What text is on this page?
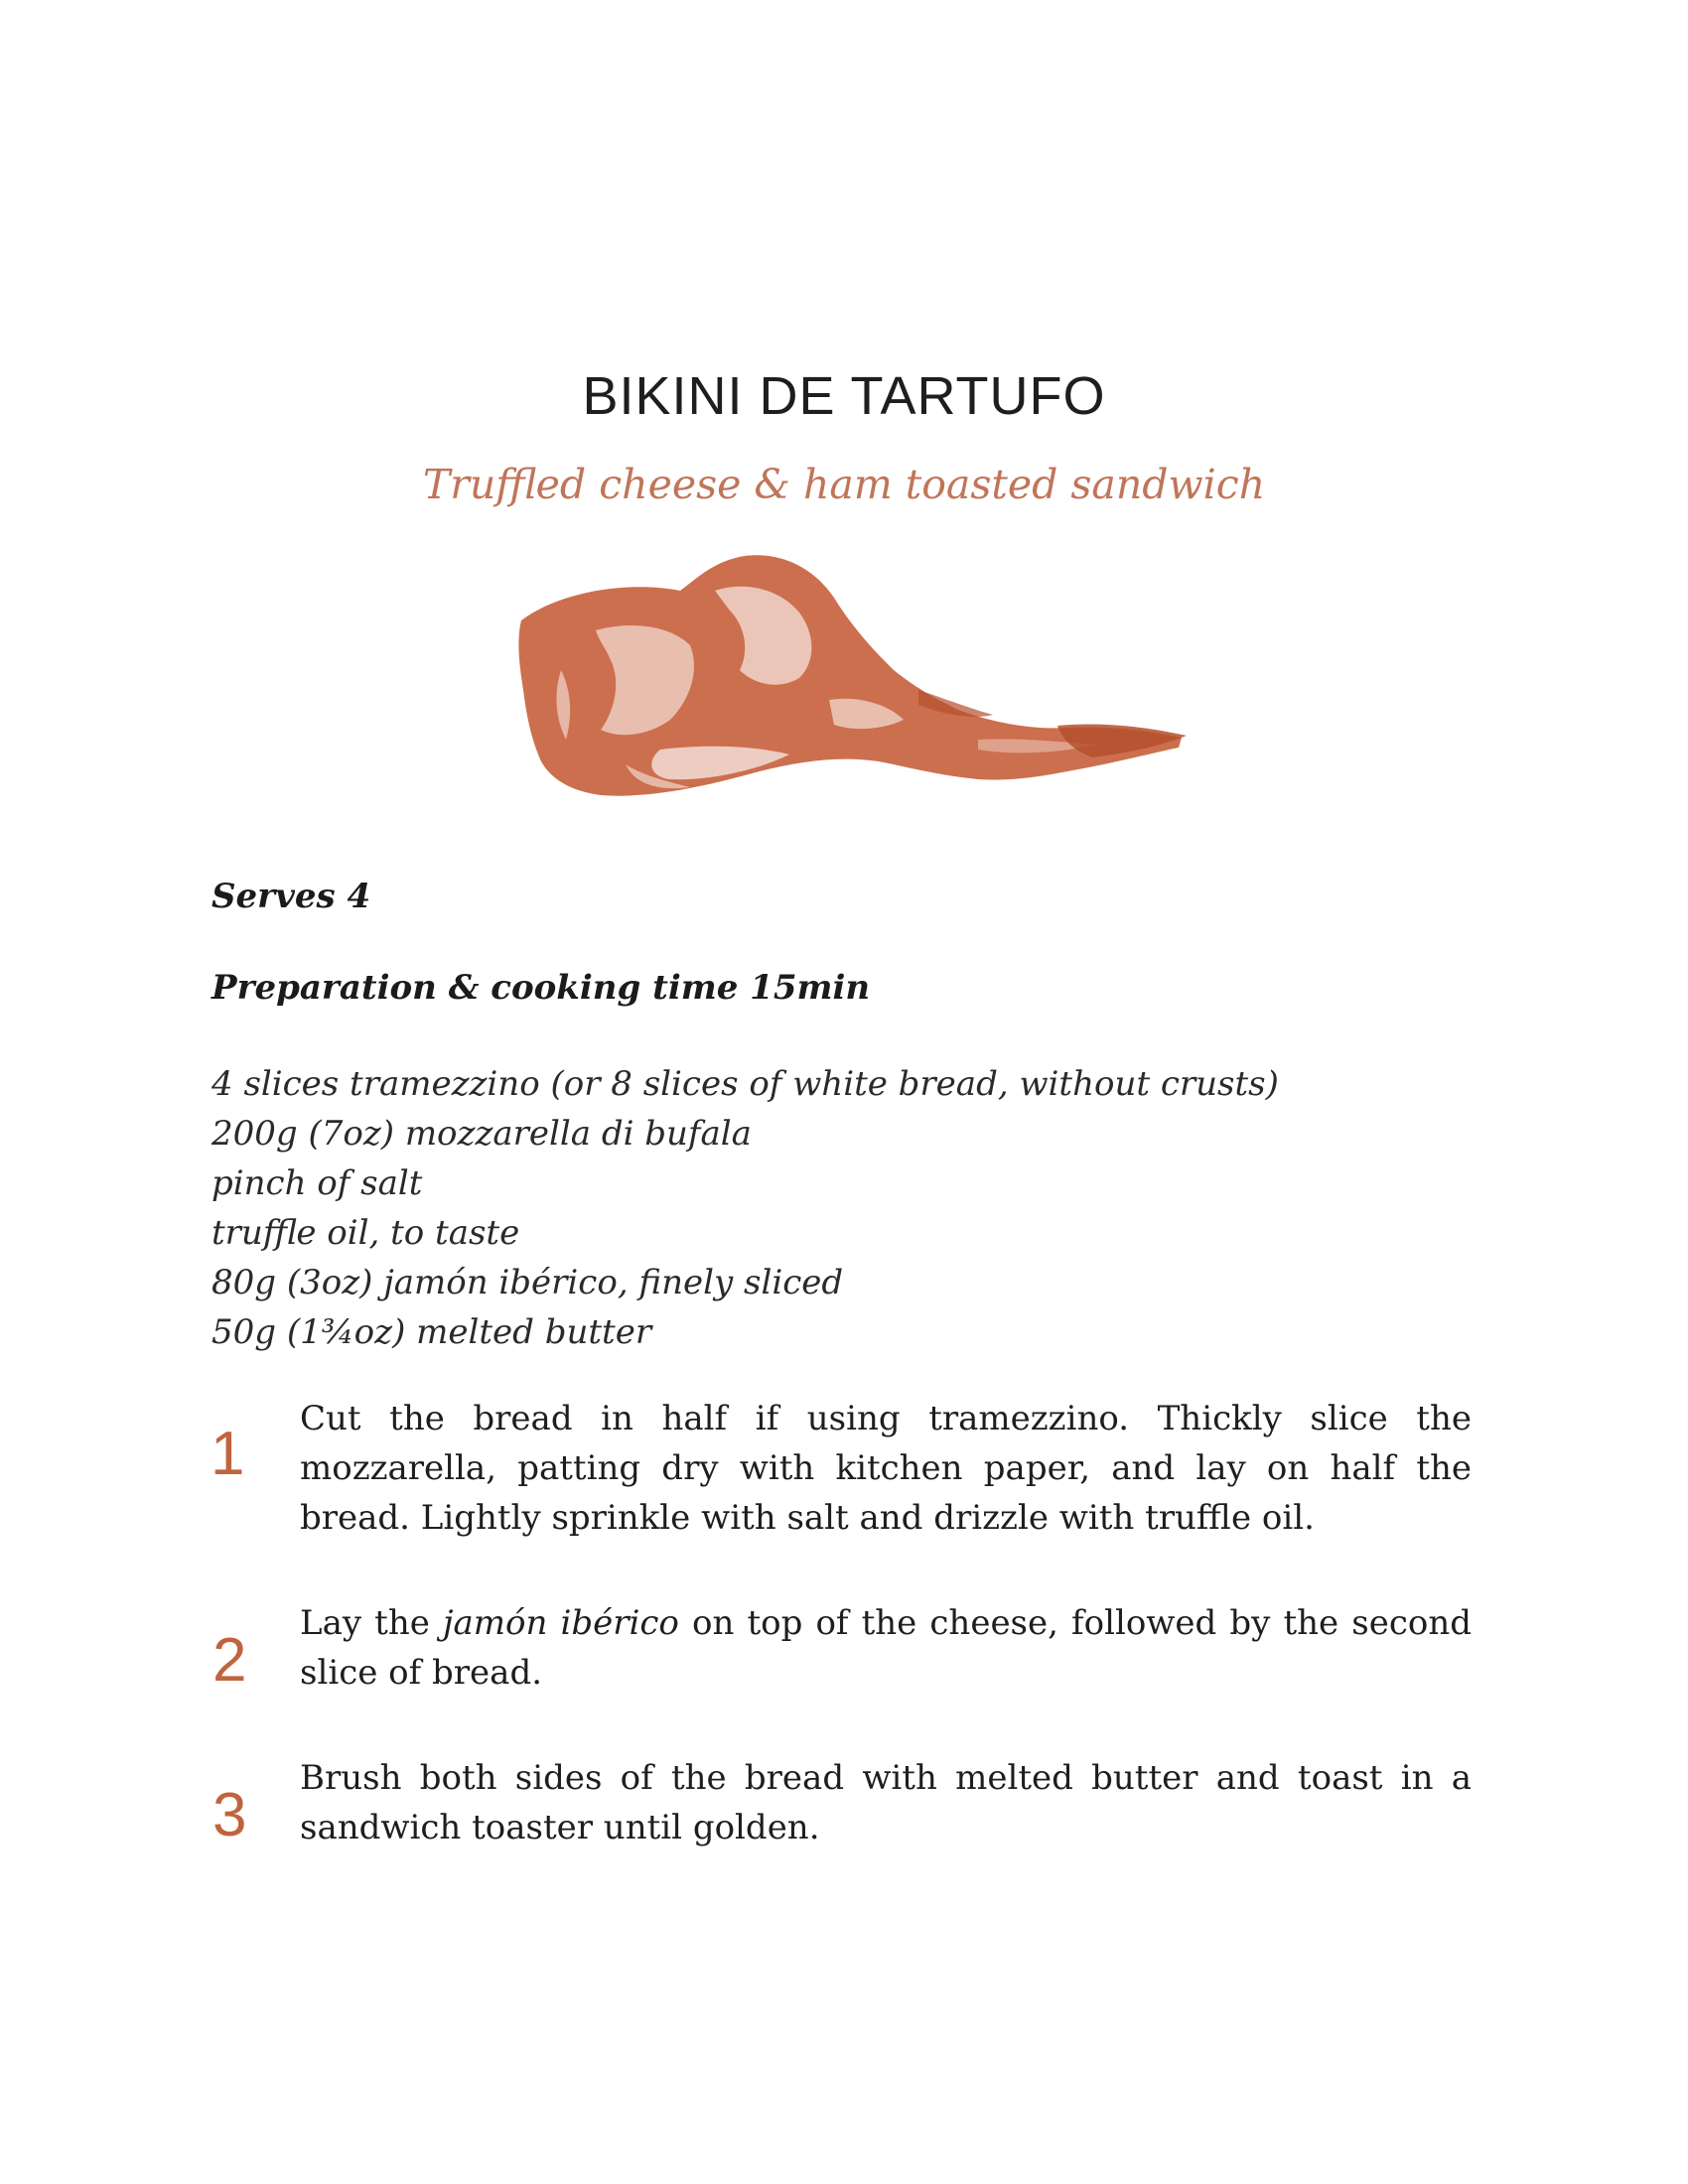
BIKINI DE TARTUFO
Truffled cheese & ham toasted sandwich
Serves 4
Preparation & cooking time 15min
4 slices tramezzino (or 8 slices of white bread, without crusts)
200g (7oz) mozzarella di bufala
pinch of salt
truffle oil, to taste
80g (3oz) jamón ibérico, finely sliced
50g (1¾oz) melted butter
1
Cut the bread in half if using tramezzino. Thickly slice the mozzarella, patting dry with kitchen paper, and lay on half the bread. Lightly sprinkle with salt and drizzle with truffle oil.
2
Lay the jamón ibérico on top of the cheese, followed by the second slice of bread.
3
Brush both sides of the bread with melted butter and toast in a sandwich toaster until golden.
